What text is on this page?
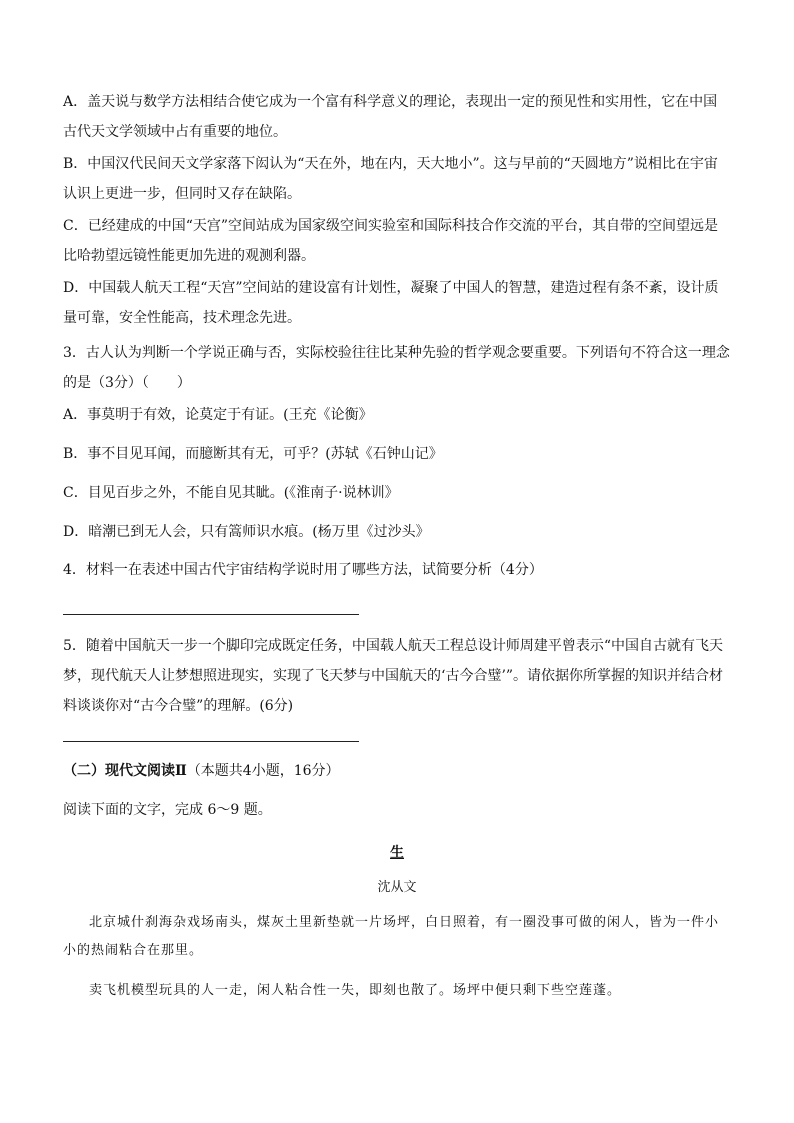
A．盖天说与数学方法相结合使它成为一个富有科学意义的理论，表现出一定的预见性和实用性，它在中国古代天文学领域中占有重要的地位。

B．中国汉代民间天文学家落下闳认为“天在外，地在内，天大地小”。这与早前的“天圆地方”说相比在宇宙认识上更进一步，但同时又存在缺陷。

C．已经建成的中国“天宫”空间站成为国家级空间实验室和国际科技合作交流的平台，其自带的空间望远是比哈勃望远镜性能更加先进的观测利器。

D．中国载人航天工程“天宫”空间站的建设富有计划性，凝聚了中国人的智慧，建造过程有条不紊，设计质量可靠，安全性能高，技术理念先进。

3．古人认为判断一个学说正确与否，实际校验往往比某种先验的哲学观念要重要。下列语句不符合这一理念的是（3分）（　　）

A．事莫明于有效，论莫定于有证。(王充《论衡》

B．事不目见耳闻，而臆断其有无，可乎？(苏轼《石钟山记》

C．目见百步之外，不能自见其眦。(《淮南子·说林训》

D．暗潮已到无人会，只有篙师识水痕。(杨万里《过沙头》

4．材料一在表述中国古代宇宙结构学说时用了哪些方法，试简要分析（4分）

5．随着中国航天一步一个脚印完成既定任务，中国载人航天工程总设计师周建平曾表示“中国自古就有飞天梦，现代航天人让梦想照进现实，实现了飞天梦与中国航天的‘古今合璧’”。请依据你所掌握的知识并结合材料谈谈你对“古今合璧”的理解。(6分)

（二）现代文阅读Ⅱ（本题共4小题，16分）

阅读下面的文字，完成 6～9 题。

生

沈从文

北京城什刹海杂戏场南头，煤灰土里新垫就一片场坪，白日照着，有一圈没事可做的闲人，皆为一件小小的热闹粘合在那里。

卖飞机模型玩具的人一走，闲人粘合性一失，即刻也散了。场坪中便只剩下些空莲蓬。
